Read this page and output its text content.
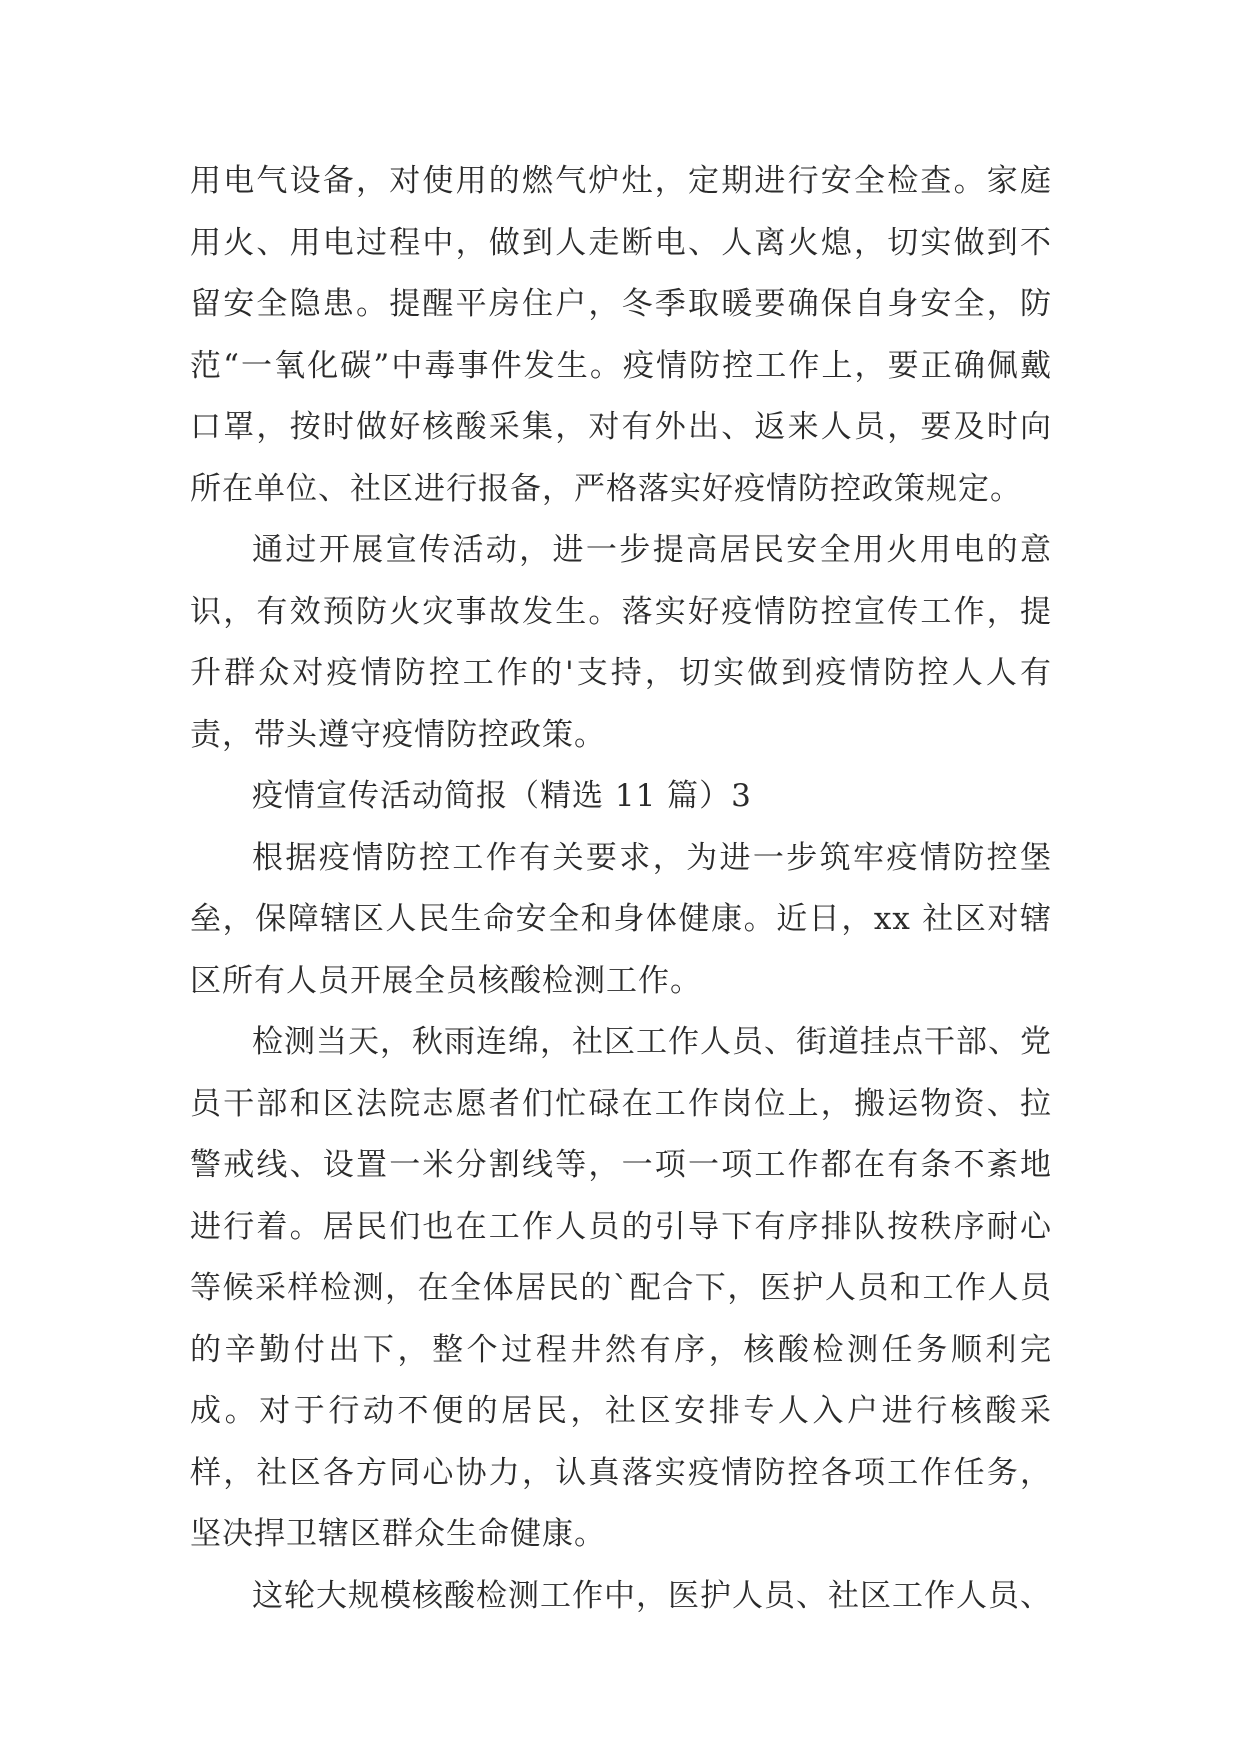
用电气设备，对使用的燃气炉灶，定期进行安全检查。家庭用火、用电过程中，做到人走断电、人离火熄，切实做到不留安全隐患。提醒平房住户，冬季取暖要确保自身安全，防范“一氧化碳”中毒事件发生。疫情防控工作上，要正确佩戴口罩，按时做好核酸采集，对有外出、返来人员，要及时向所在单位、社区进行报备，严格落实好疫情防控政策规定。

通过开展宣传活动，进一步提高居民安全用火用电的意识，有效预防火灾事故发生。落实好疫情防控宣传工作，提升群众对疫情防控工作的'支持，切实做到疫情防控人人有责，带头遵守疫情防控政策。

疫情宣传活动简报（精选 11 篇）3

根据疫情防控工作有关要求，为进一步筑牢疫情防控堡垒，保障辖区人民生命安全和身体健康。近日，xx 社区对辖区所有人员开展全员核酸检测工作。

检测当天，秋雨连绵，社区工作人员、街道挂点干部、党员干部和区法院志愿者们忙碌在工作岗位上，搬运物资、拉警戒线、设置一米分割线等，一项一项工作都在有条不紊地进行着。居民们也在工作人员的引导下有序排队按秩序耐心等候采样检测，在全体居民的`配合下，医护人员和工作人员的辛勤付出下，整个过程井然有序，核酸检测任务顺利完成。对于行动不便的居民，社区安排专人入户进行核酸采样，社区各方同心协力，认真落实疫情防控各项工作任务，坚决捍卫辖区群众生命健康。

这轮大规模核酸检测工作中，医护人员、社区工作人员、
